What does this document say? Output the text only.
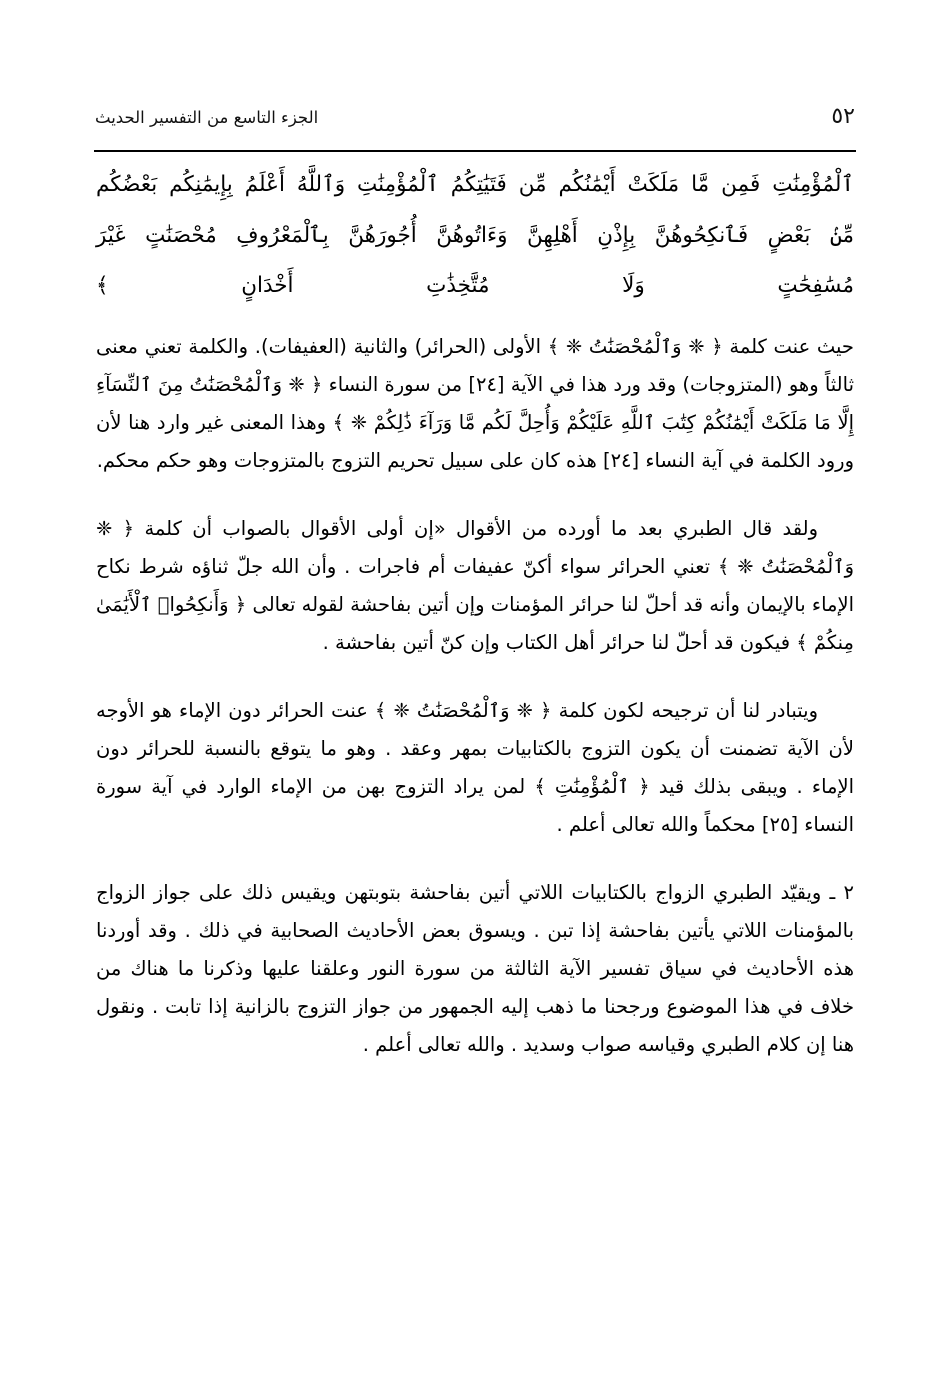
الجزء التاسع من التفسير الحديث	٥٢

ٱلْمُؤْمِنَٰتِ فَمِن مَّا مَلَكَتْ أَيْمَٰنُكُم مِّن فَتَيَٰتِكُمُ ٱلْمُؤْمِنَٰتِ وَٱللَّهُ أَعْلَمُ بِإِيمَٰنِكُم بَعْضُكُم

مِّنۢ بَعْضٍ فَٱنكِحُوهُنَّ بِإِذْنِ أَهْلِهِنَّ وَءَاتُوهُنَّ أُجُورَهُنَّ بِٱلْمَعْرُوفِ مُحْصَنَٰتٍ غَيْرَ

مُسَٰفِحَٰتٍ وَلَا مُتَّخِذَٰتِ أَخْدَانٍ ﴾

حيث عنت كلمة ﴿ ❈ وَٱلْمُحْصَنَٰتُ ❈ ﴾ الأولى (الحرائر) والثانية (العفيفات). والكلمة تعني معنى ثالثاً وهو (المتزوجات) وقد ورد هذا في الآية [٢٤] من سورة النساء ﴿ ❈ وَٱلْمُحْصَنَٰتُ مِنَ ٱلنِّسَآءِ إِلَّا مَا مَلَكَتْ أَيْمَٰنُكُمْ كِتَٰبَ ٱللَّهِ عَلَيْكُمْ وَأُحِلَّ لَكُم مَّا وَرَآءَ ذَٰلِكُمْ ❈ ﴾ وهذا المعنى غير وارد هنا لأن ورود الكلمة في آية النساء [٢٤] هذه كان على سبيل تحريم التزوج بالمتزوجات وهو حكم محكم.

ولقد قال الطبري بعد ما أورده من الأقوال «إن أولى الأقوال بالصواب أن كلمة ﴿ ❈ وَٱلْمُحْصَنَٰتُ ❈ ﴾ تعني الحرائر سواء أكنّ عفيفات أم فاجرات . وأن الله جلّ ثناؤه شرط نكاح الإماء بالإيمان وأنه قد أحلّ لنا حرائر المؤمنات وإن أتين بفاحشة لقوله تعالى ﴿ وَأَنكِحُوا۟ ٱلْأَيَٰمَىٰ مِنكُمْ ﴾ فيكون قد أحلّ لنا حرائر أهل الكتاب وإن كنّ أتين بفاحشة .

ويتبادر لنا أن ترجيحه لكون كلمة ﴿ ❈ وَٱلْمُحْصَنَٰتُ ❈ ﴾ عنت الحرائر دون الإماء هو الأوجه لأن الآية تضمنت أن يكون التزوج بالكتابيات بمهر وعقد . وهو ما يتوقع بالنسبة للحرائر دون الإماء . ويبقى بذلك قيد ﴿ ٱلْمُؤْمِنَٰتِ ﴾ لمن يراد التزوج بهن من الإماء الوارد في آية سورة النساء [٢٥] محكماً والله تعالى أعلم .

٢ ـ ويقيّد الطبري الزواج بالكتابيات اللاتي أتين بفاحشة بتوبتهن ويقيس ذلك على جواز الزواج بالمؤمنات اللاتي يأتين بفاحشة إذا تبن . ويسوق بعض الأحاديث الصحابية في ذلك . وقد أوردنا هذه الأحاديث في سياق تفسير الآية الثالثة من سورة النور وعلقنا عليها وذكرنا ما هناك من خلاف في هذا الموضوع ورجحنا ما ذهب إليه الجمهور من جواز التزوج بالزانية إذا تابت . ونقول هنا إن كلام الطبري وقياسه صواب وسديد . والله تعالى أعلم .
